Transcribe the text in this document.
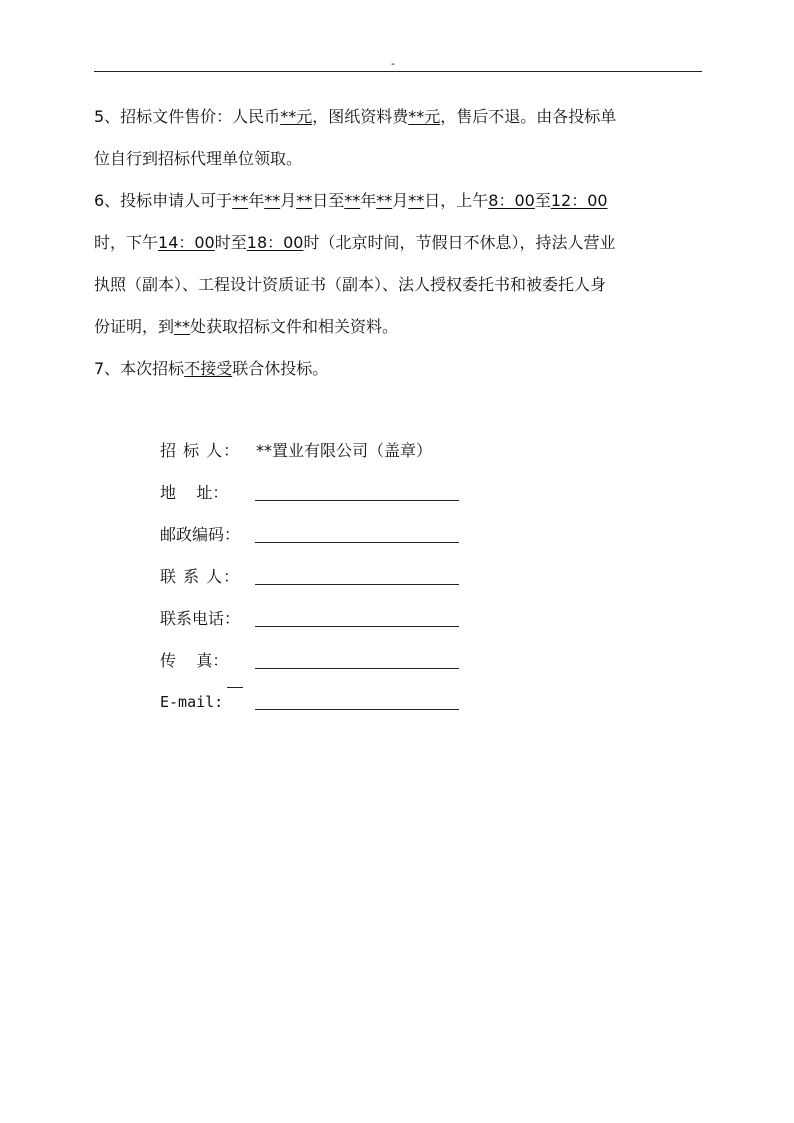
-
5、招标文件售价：人民币**元，图纸资料费**元，售后不退。由各投标单
位自行到招标代理单位领取。
6、投标申请人可于**年**月**日至**年**月**日，上午8：00至12：00
时，下午14：00时至18：00时（北京时间，节假日不休息），持法人营业
执照（副本）、工程设计资质证书（副本）、法人授权委托书和被委托人身
份证明，到**处获取招标文件和相关资料。
7、本次招标不接受联合休投标。
招 标 人： **置业有限公司（盖章）
地    址：
邮政编码：
联 系 人：
联系电话：
传    真：
E-mail:
